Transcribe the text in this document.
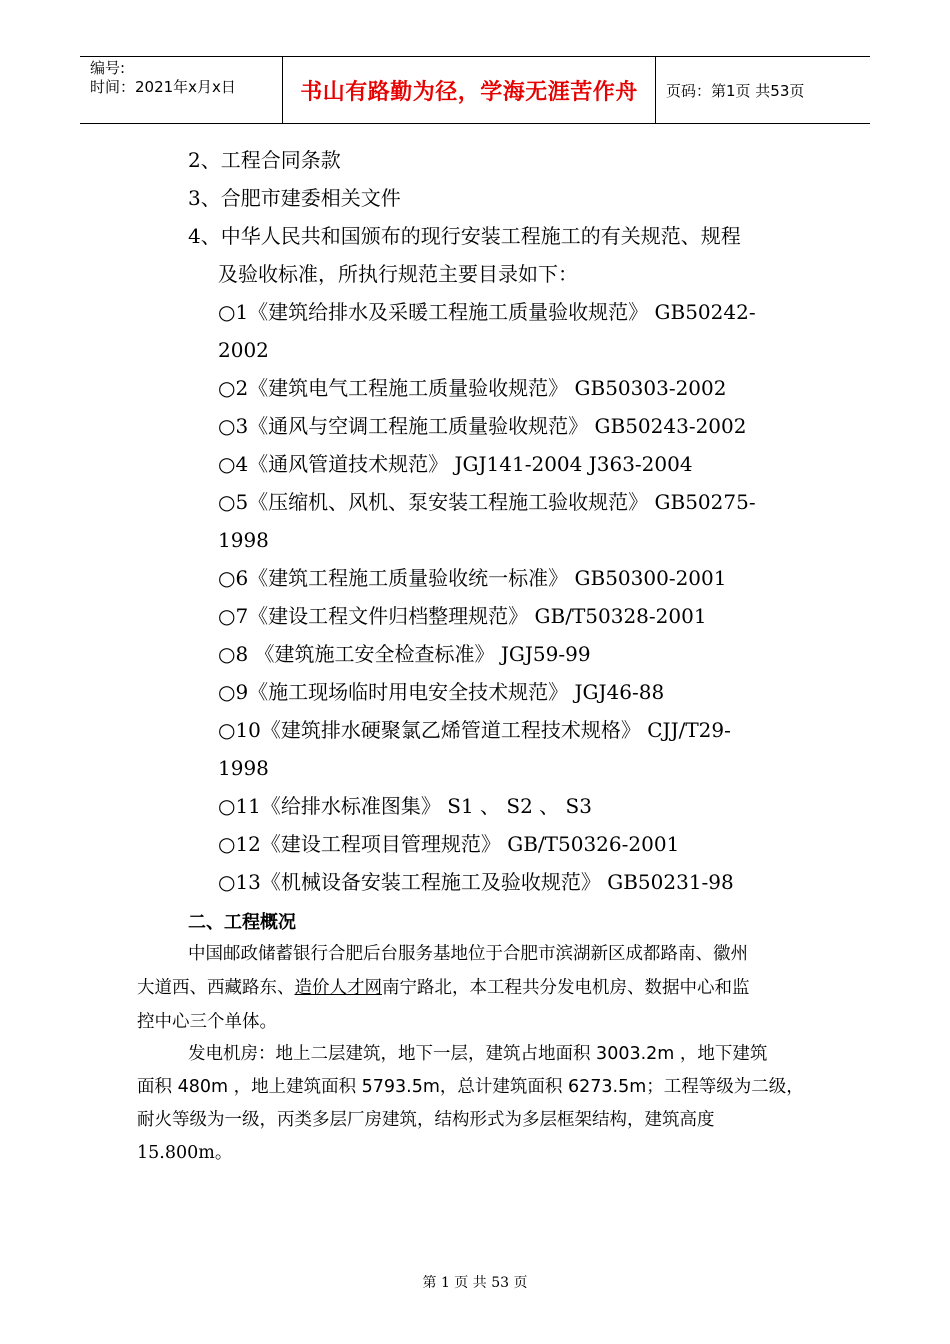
编号:
时间：2021年x月x日	书山有路勤为径，学海无涯苦作舟 页码：第1页 共53页
2、工程合同条款
3、合肥市建委相关文件
4、中华人民共和国颁布的现行安装工程施工的有关规范、规程
及验收标准，所执行规范主要目录如下：
○1《建筑给排水及采暖工程施工质量验收规范》 GB50242-
2002
○2《建筑电气工程施工质量验收规范》 GB50303-2002
○3《通风与空调工程施工质量验收规范》 GB50243-2002
○4《通风管道技术规范》 JGJ141-2004 J363-2004
○5《压缩机、风机、泵安装工程施工验收规范》 GB50275-
1998
○6《建筑工程施工质量验收统一标准》 GB50300-2001
○7《建设工程文件归档整理规范》 GB/T50328-2001
○8 《建筑施工安全检查标准》 JGJ59-99
○9《施工现场临时用电安全技术规范》 JGJ46-88
○10《建筑排水硬聚氯乙烯管道工程技术规格》 CJJ/T29-
1998
○11《给排水标准图集》 S1 、 S2 、 S3
○12《建设工程项目管理规范》 GB/T50326-2001
○13《机械设备安装工程施工及验收规范》 GB50231-98
二、工程概况
中国邮政储蓄银行合肥后台服务基地位于合肥市滨湖新区成都路南、徽州
大道西、西藏路东、造价人才网南宁路北，本工程共分发电机房、数据中心和监
控中心三个单体。
发电机房：地上二层建筑，地下一层，建筑占地面积 3003.2m ，地下建筑
面积 480m ，地上建筑面积 5793.5m，总计建筑面积 6273.5m；工程等级为二级，
耐火等级为一级，丙类多层厂房建筑，结构形式为多层框架结构，建筑高度
15.800m。
第 1 页 共 53 页
